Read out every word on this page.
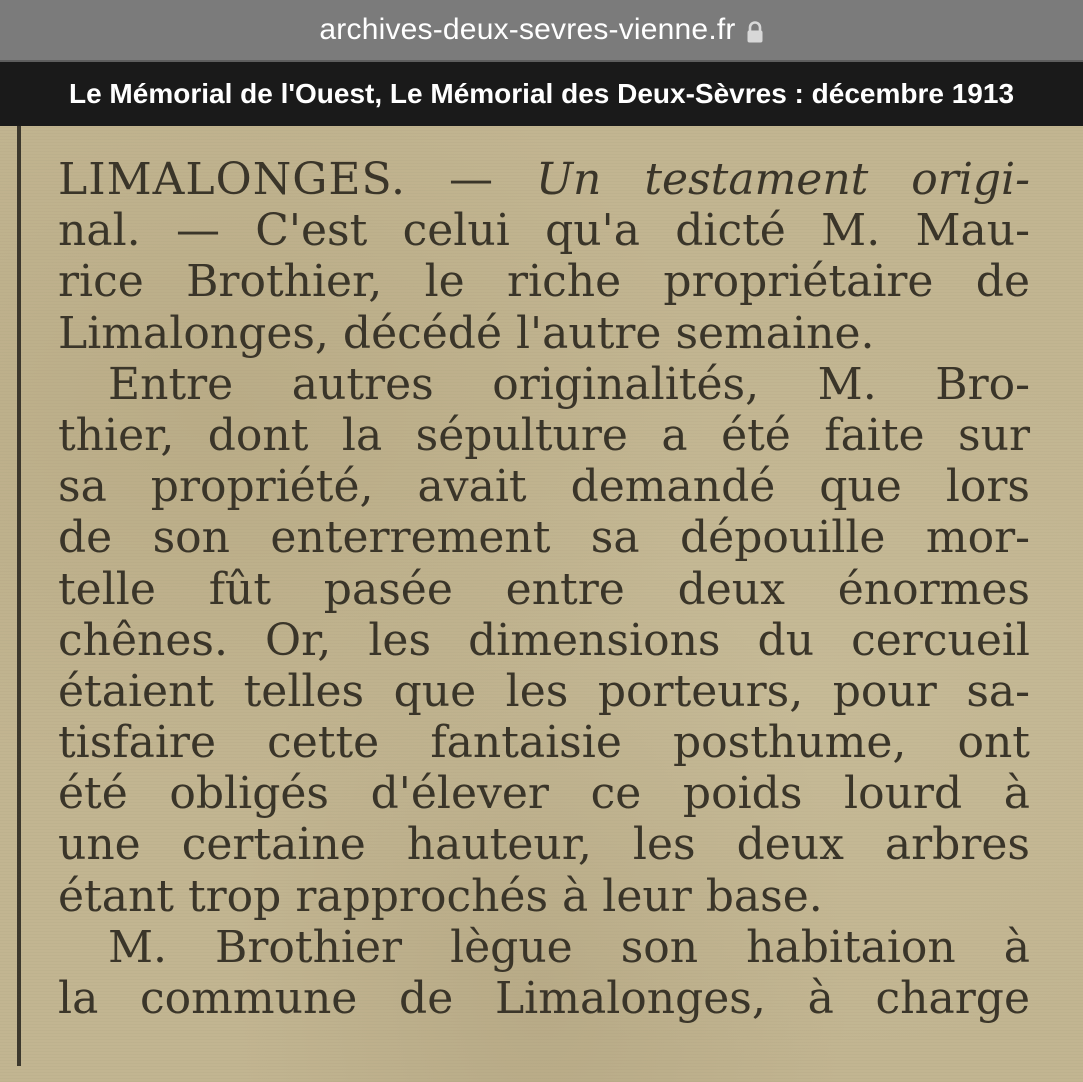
archives-deux-sevres-vienne.fr
Le Mémorial de l'Ouest, Le Mémorial des Deux-Sèvres : décembre 1913
LIMALONGES. — Un testament origi-
nal. — C'est celui qu'a dicté M. Mau-
rice Brothier, le riche propriétaire de
Limalonges, décédé l'autre semaine.
Entre autres originalités, M. Bro-
thier, dont la sépulture a été faite sur
sa propriété, avait demandé que lors
de son enterrement sa dépouille mor-
telle fût pasée entre deux énormes
chênes. Or, les dimensions du cercueil
étaient telles que les porteurs, pour sa-
tisfaire cette fantaisie posthume, ont
été obligés d'élever ce poids lourd à
une certaine hauteur, les deux arbres
étant trop rapprochés à leur base.
M. Brothier lègue son habitaion à
la commune de Limalonges, à charge
